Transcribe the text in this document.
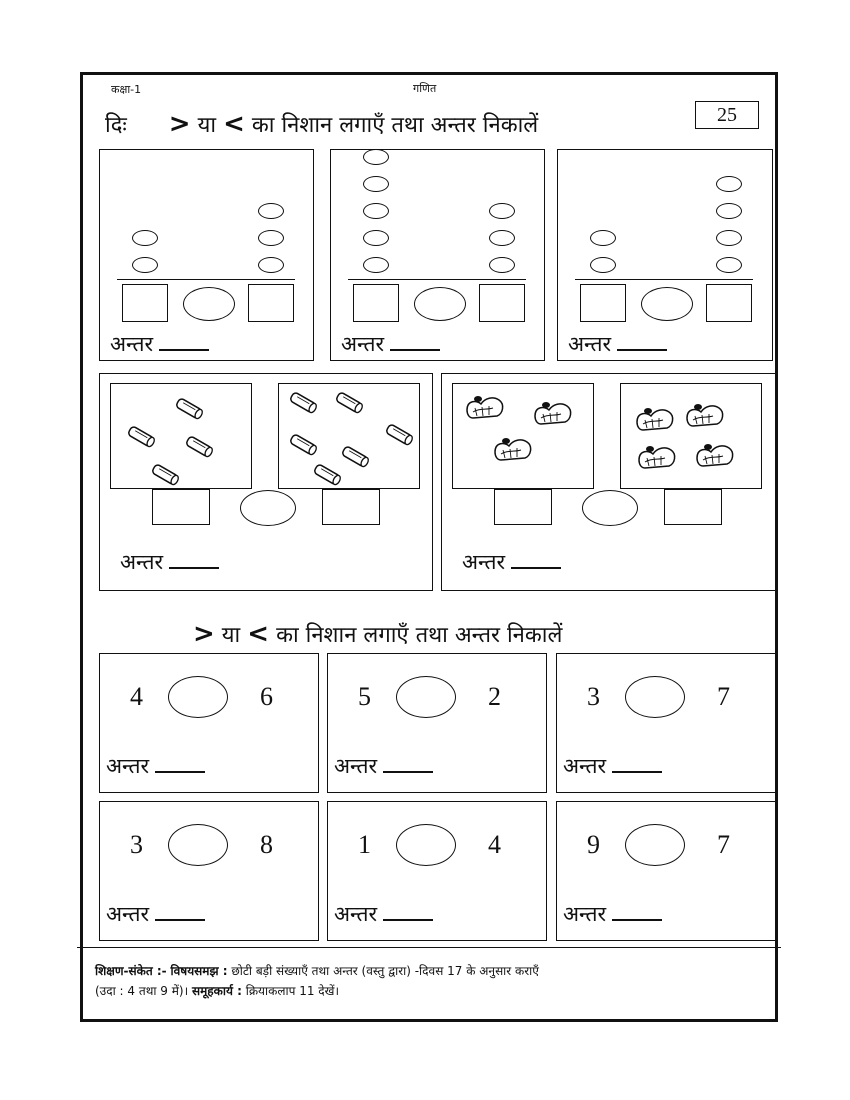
कक्षा-1	गणित
25
दिः > या < का निशान लगाएँ तथा अन्तर निकालें
अन्तर	अन्तर	अन्तर
अन्तर	अन्तर
> या < का निशान लगाएँ तथा अन्तर निकालें
4	6
अन्तर
5	2
अन्तर
3	7
अन्तर
3	8
अन्तर
1	4
अन्तर
9	7
अन्तर
शिक्षण-संकेत :- विषयसमझ : छोटी बड़ी संख्याएँ तथा अन्तर (वस्तु द्वारा) -दिवस 17 के अनुसार कराएँ
(उदा : 4 तथा 9 में)। समूहकार्य : क्रियाकलाप 11 देखें।
